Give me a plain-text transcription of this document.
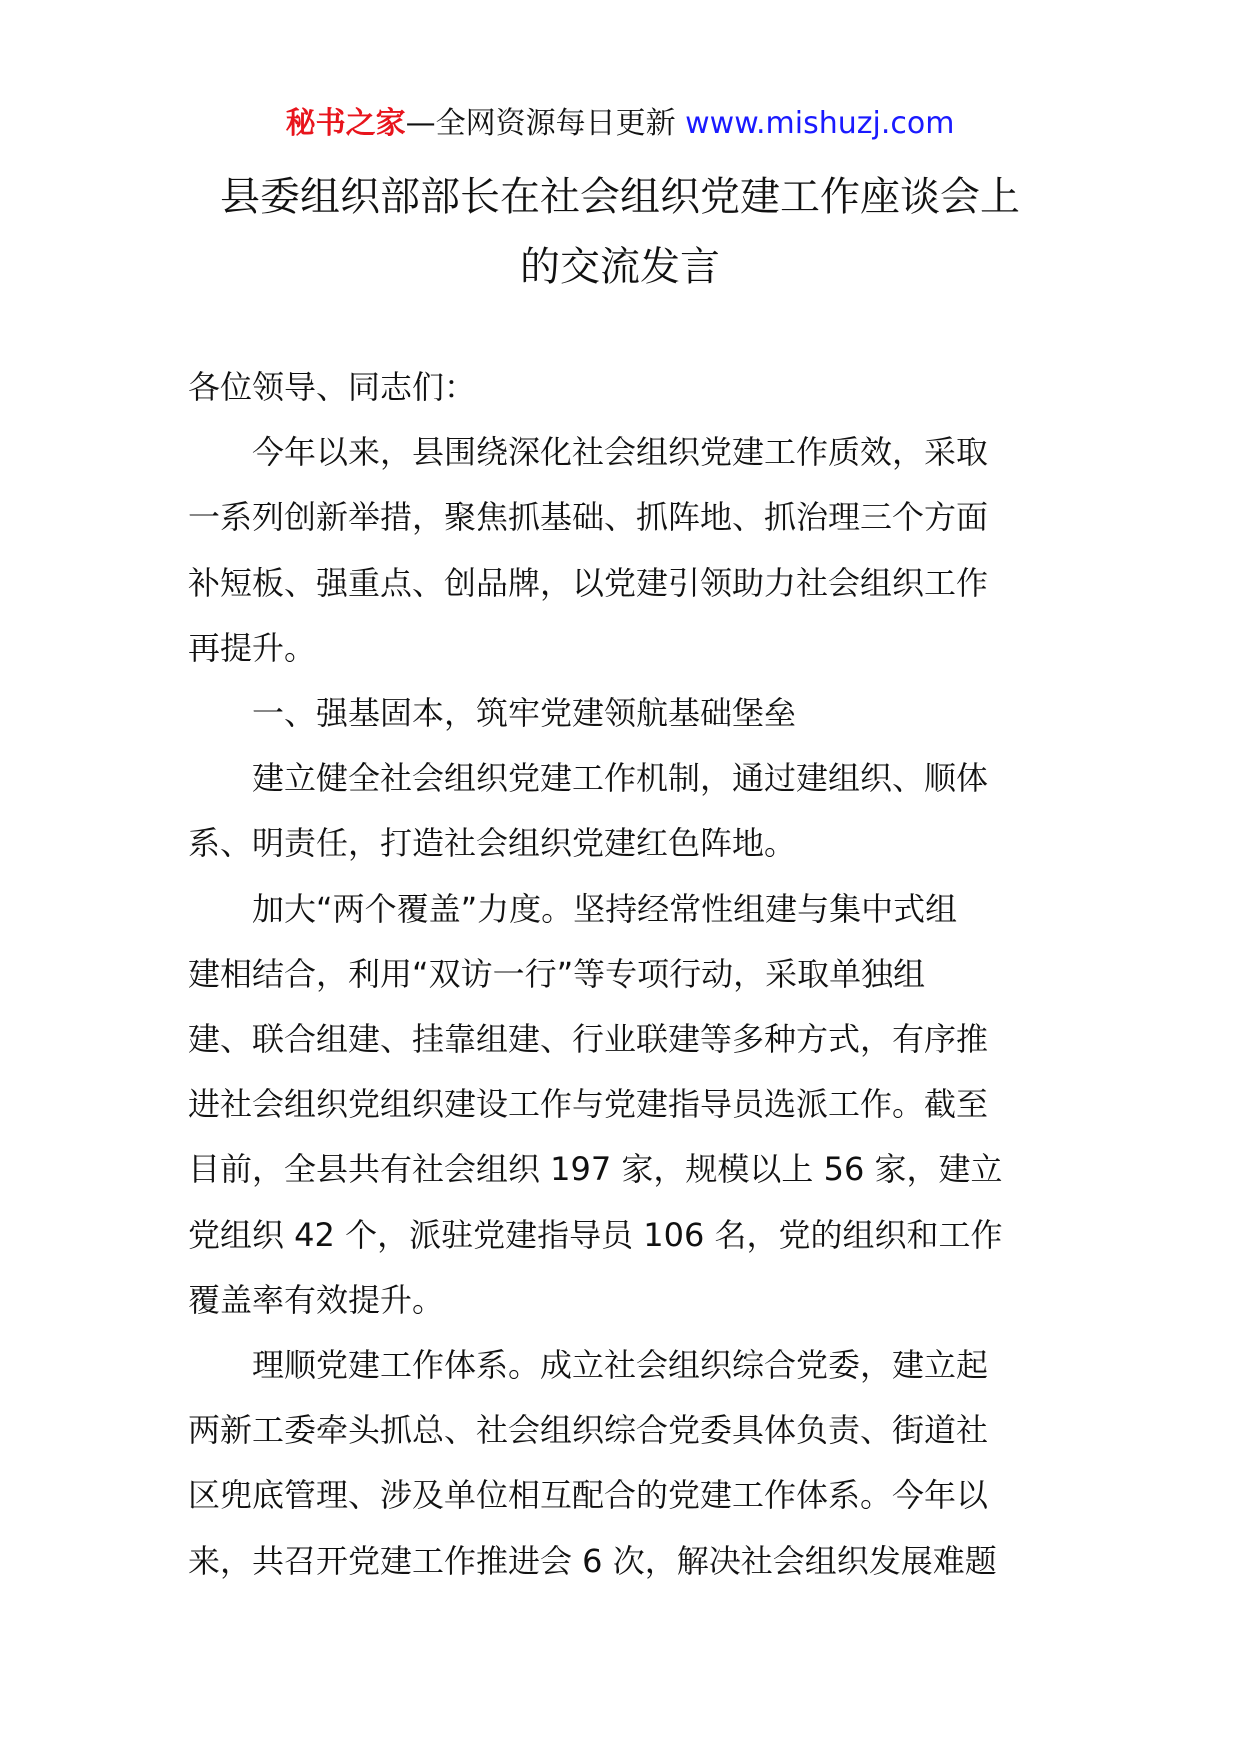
秘书之家—全网资源每日更新 www.mishuzj.com
县委组织部部长在社会组织党建工作座谈会上
的交流发言

各位领导、同志们：

今年以来，县围绕深化社会组织党建工作质效，采取
一系列创新举措，聚焦抓基础、抓阵地、抓治理三个方面
补短板、强重点、创品牌，以党建引领助力社会组织工作
再提升。

一、强基固本，筑牢党建领航基础堡垒

建立健全社会组织党建工作机制，通过建组织、顺体
系、明责任，打造社会组织党建红色阵地。

加大“两个覆盖”力度。坚持经常性组建与集中式组
建相结合，利用“双访一行”等专项行动，采取单独组
建、联合组建、挂靠组建、行业联建等多种方式，有序推
进社会组织党组织建设工作与党建指导员选派工作。截至
目前，全县共有社会组织 197 家，规模以上 56 家，建立
党组织 42 个，派驻党建指导员 106 名，党的组织和工作
覆盖率有效提升。

理顺党建工作体系。成立社会组织综合党委，建立起
两新工委牵头抓总、社会组织综合党委具体负责、街道社
区兜底管理、涉及单位相互配合的党建工作体系。今年以
来，共召开党建工作推进会 6 次，解决社会组织发展难题
